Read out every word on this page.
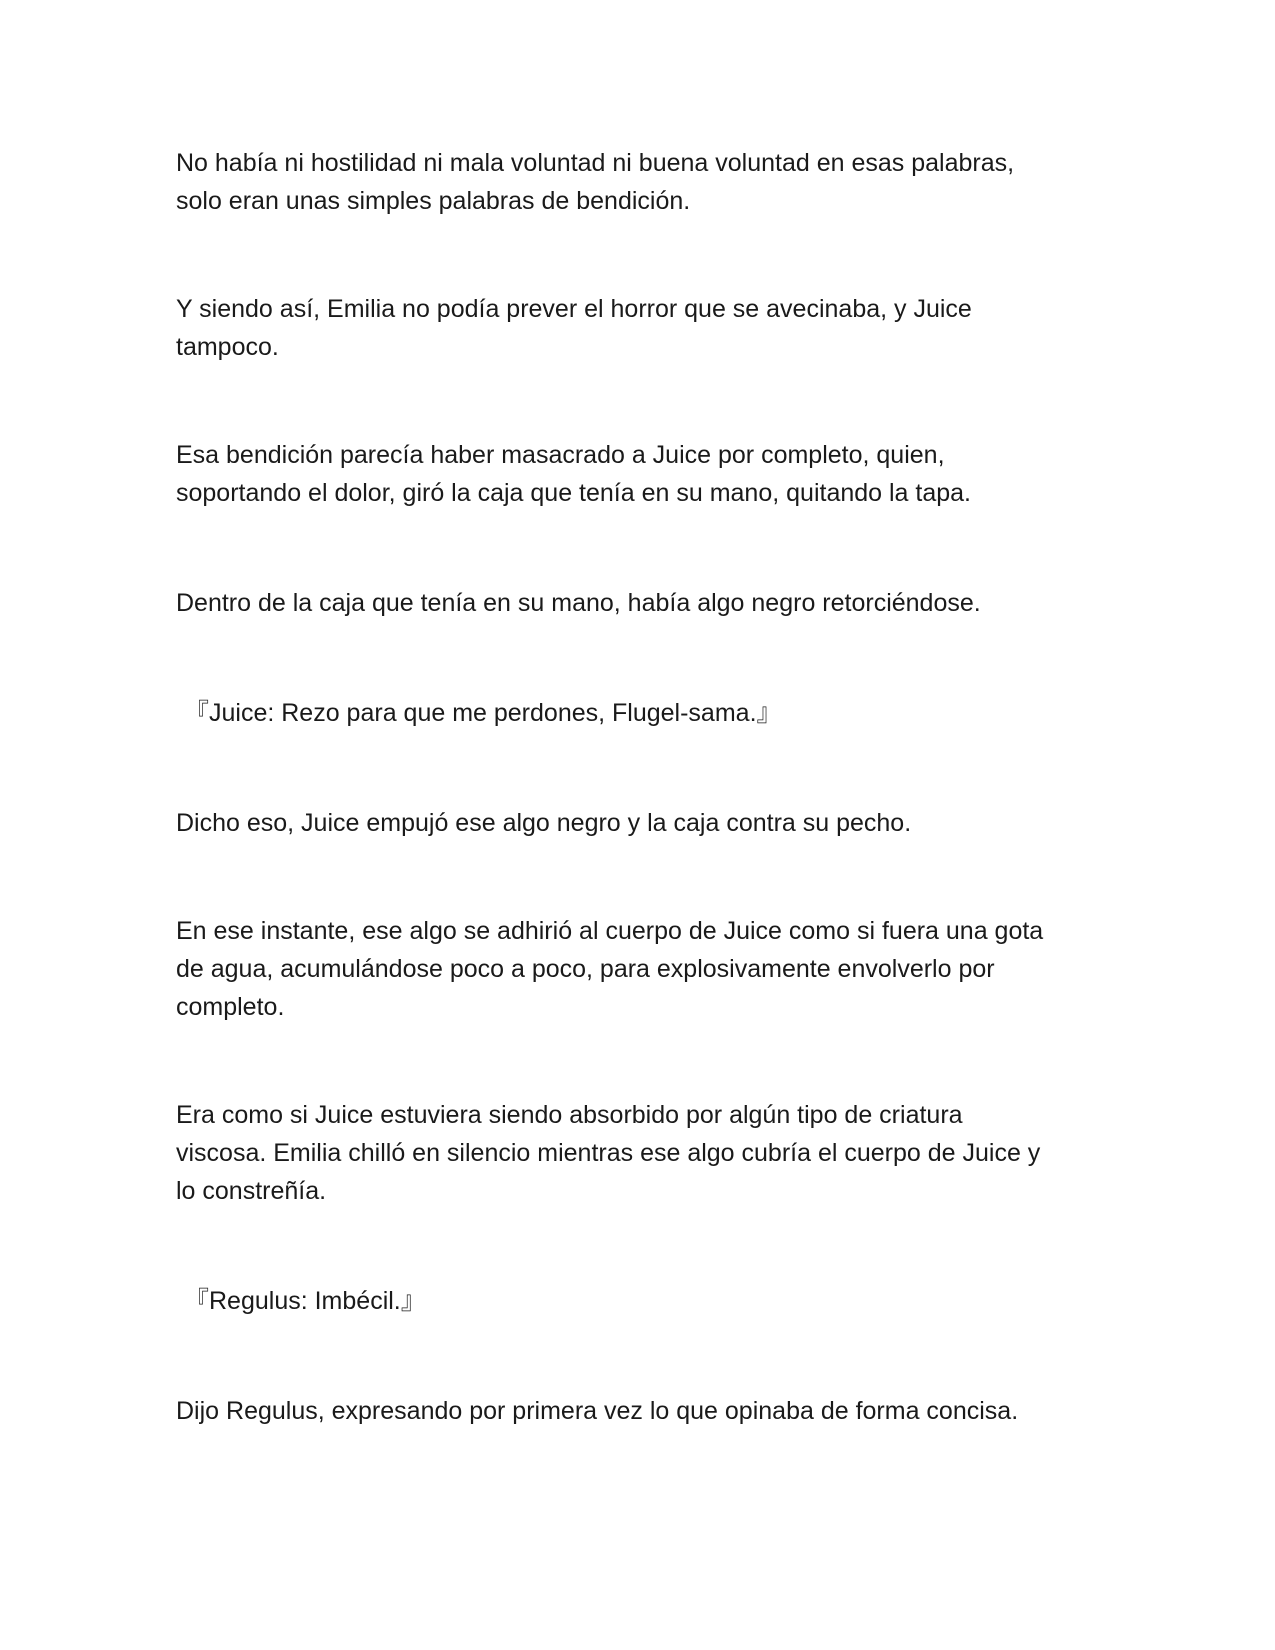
No había ni hostilidad ni mala voluntad ni buena voluntad en esas palabras,
solo eran unas simples palabras de bendición.

Y siendo así, Emilia no podía prever el horror que se avecinaba, y Juice
tampoco.

Esa bendición parecía haber masacrado a Juice por completo, quien,
soportando el dolor, giró la caja que tenía en su mano, quitando la tapa.

Dentro de la caja que tenía en su mano, había algo negro retorciéndose.

『Juice: Rezo para que me perdones, Flugel-sama.』

Dicho eso, Juice empujó ese algo negro y la caja contra su pecho.

En ese instante, ese algo se adhirió al cuerpo de Juice como si fuera una gota
de agua, acumulándose poco a poco, para explosivamente envolverlo por
completo.

Era como si Juice estuviera siendo absorbido por algún tipo de criatura
viscosa. Emilia chilló en silencio mientras ese algo cubría el cuerpo de Juice y
lo constreñía.

『Regulus: Imbécil.』

Dijo Regulus, expresando por primera vez lo que opinaba de forma concisa.
